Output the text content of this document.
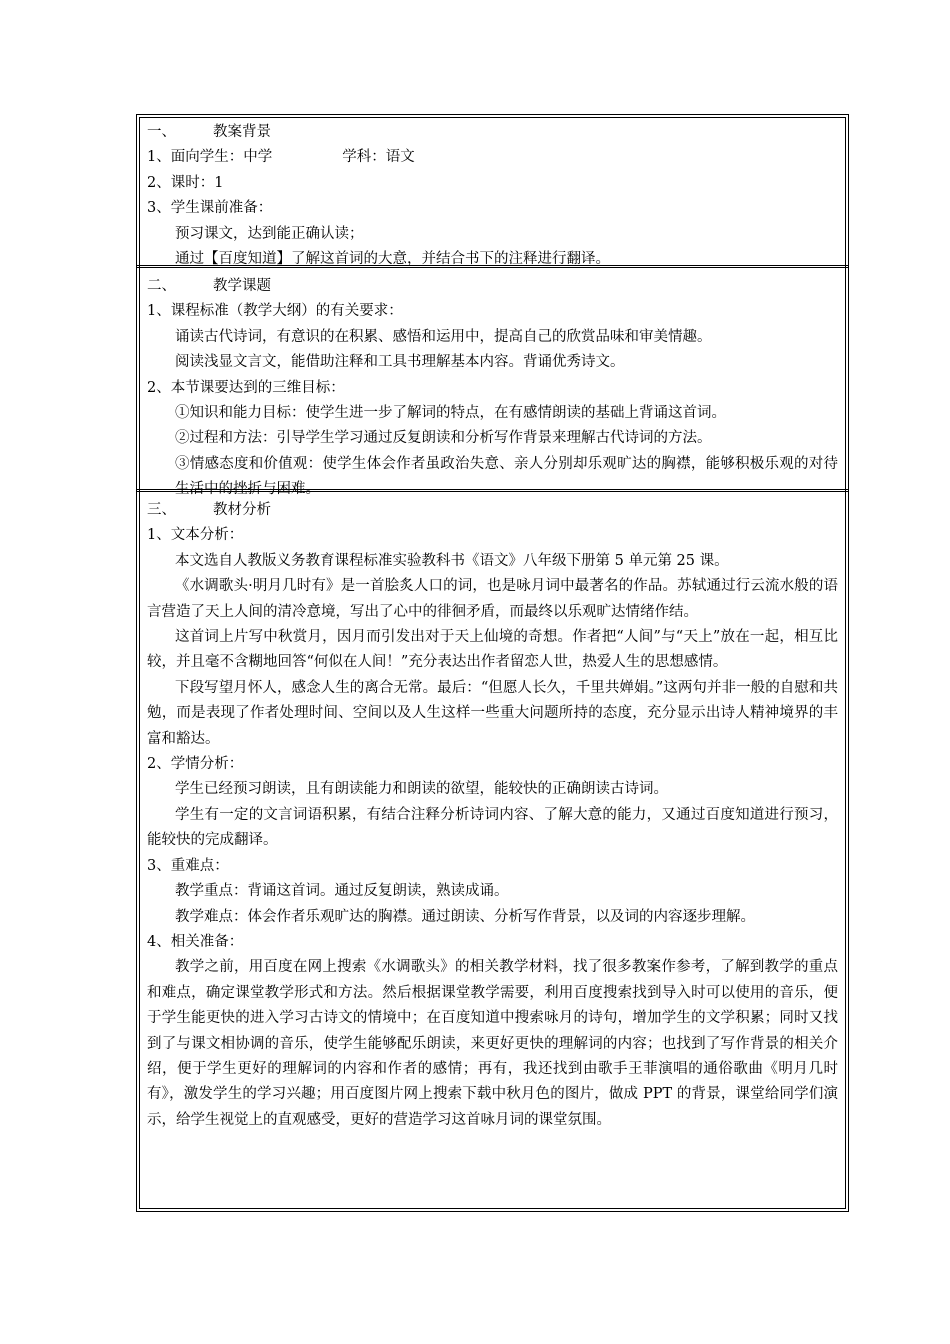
一、	教案背景
1、面向学生：中学	学科：语文
2、课时：1
3、学生课前准备：
预习课文，达到能正确认读；
通过【百度知道】了解这首词的大意，并结合书下的注释进行翻译。
二、	教学课题
1、课程标准（教学大纲）的有关要求：
诵读古代诗词，有意识的在积累、感悟和运用中，提高自己的欣赏品味和审美情趣。
阅读浅显文言文，能借助注释和工具书理解基本内容。背诵优秀诗文。
2、本节课要达到的三维目标：
①知识和能力目标：使学生进一步了解词的特点，在有感情朗读的基础上背诵这首词。
②过程和方法：引导学生学习通过反复朗读和分析写作背景来理解古代诗词的方法。
③情感态度和价值观：使学生体会作者虽政治失意、亲人分别却乐观旷达的胸襟，能够积极乐观的对待生活中的挫折与困难。
三、	教材分析
1、文本分析：
本文选自人教版义务教育课程标准实验教科书《语文》八年级下册第 5 单元第 25 课。
《水调歌头·明月几时有》是一首脍炙人口的词，也是咏月词中最著名的作品。苏轼通过行云流水般的语言营造了天上人间的清冷意境，写出了心中的徘徊矛盾，而最终以乐观旷达情绪作结。
这首词上片写中秋赏月，因月而引发出对于天上仙境的奇想。作者把“人间”与“天上”放在一起，相互比较，并且毫不含糊地回答“何似在人间！”充分表达出作者留恋人世，热爱人生的思想感情。
下段写望月怀人，感念人生的离合无常。最后：“但愿人长久，千里共婵娟。”这两句并非一般的自慰和共勉，而是表现了作者处理时间、空间以及人生这样一些重大问题所持的态度，充分显示出诗人精神境界的丰富和豁达。
2、学情分析：
学生已经预习朗读，且有朗读能力和朗读的欲望，能较快的正确朗读古诗词。
学生有一定的文言词语积累，有结合注释分析诗词内容、了解大意的能力，又通过百度知道进行预习，能较快的完成翻译。
3、重难点：
教学重点：背诵这首词。通过反复朗读，熟读成诵。
教学难点：体会作者乐观旷达的胸襟。通过朗读、分析写作背景，以及词的内容逐步理解。
4、相关准备：
教学之前，用百度在网上搜索《水调歌头》的相关教学材料，找了很多教案作参考，了解到教学的重点和难点，确定课堂教学形式和方法。然后根据课堂教学需要，利用百度搜索找到导入时可以使用的音乐，便于学生能更快的进入学习古诗文的情境中；在百度知道中搜索咏月的诗句，增加学生的文学积累；同时又找到了与课文相协调的音乐，使学生能够配乐朗读，来更好更快的理解词的内容；也找到了写作背景的相关介绍，便于学生更好的理解词的内容和作者的感情；再有，我还找到由歌手王菲演唱的通俗歌曲《明月几时有》，激发学生的学习兴趣；用百度图片网上搜索下载中秋月色的图片，做成 PPT 的背景，课堂给同学们演示，给学生视觉上的直观感受，更好的营造学习这首咏月词的课堂氛围。
